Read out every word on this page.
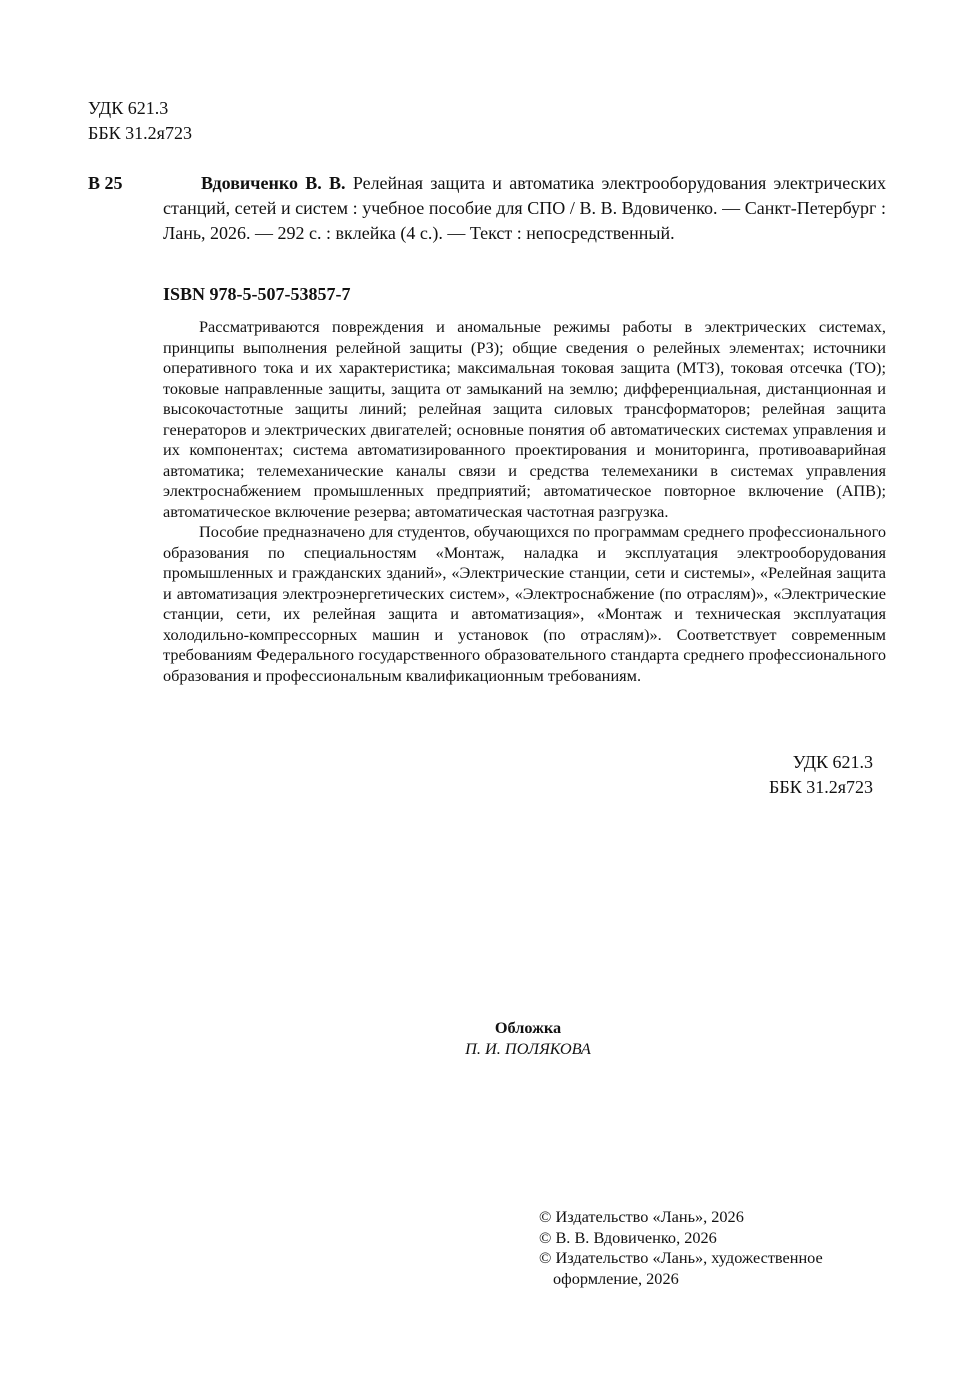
УДК 621.3
ББК 31.2я723
В 25	Вдовиченко В. В. Релейная защита и автоматика электрооборудования электрических станций, сетей и систем : учебное пособие для СПО / В. В. Вдовиченко. — Санкт-Петербург : Лань, 2026. — 292 с. : вклейка (4 с.). — Текст : непосредственный.
ISBN 978-5-507-53857-7

Рассматриваются повреждения и аномальные режимы работы в электрических системах, принципы выполнения релейной защиты (РЗ); общие сведения о релейных элементах; источники оперативного тока и их характеристика; максимальная токовая защита (МТЗ), токовая отсечка (ТО); токовые направленные защиты, защита от замыканий на землю; дифференциальная, дистанционная и высокочастотные защиты линий; релейная защита силовых трансформаторов; релейная защита генераторов и электрических двигателей; основные понятия об автоматических системах управления и их компонентах; система автоматизированного проектирования и мониторинга, противоаварийная автоматика; телемеханические каналы связи и средства телемеханики в системах управления электроснабжением промышленных предприятий; автоматическое повторное включение (АПВ); автоматическое включение резерва; автоматическая частотная разгрузка.

Пособие предназначено для студентов, обучающихся по программам среднего профессионального образования по специальностям «Монтаж, наладка и эксплуатация электрооборудования промышленных и гражданских зданий», «Электрические станции, сети и системы», «Релейная защита и автоматизация электроэнергетических систем», «Электроснабжение (по отраслям)», «Электрические станции, сети, их релейная защита и автоматизация», «Монтаж и техническая эксплуатация холодильно-компрессорных машин и установок (по отраслям)». Соответствует современным требованиям Федерального государственного образовательного стандарта среднего профессионального образования и профессиональным квалификационным требованиям.

УДК 621.3
ББК 31.2я723
Обложка
П. И. ПОЛЯКОВА
© Издательство «Лань», 2026
© В. В. Вдовиченко, 2026
© Издательство «Лань», художественное
оформление, 2026
